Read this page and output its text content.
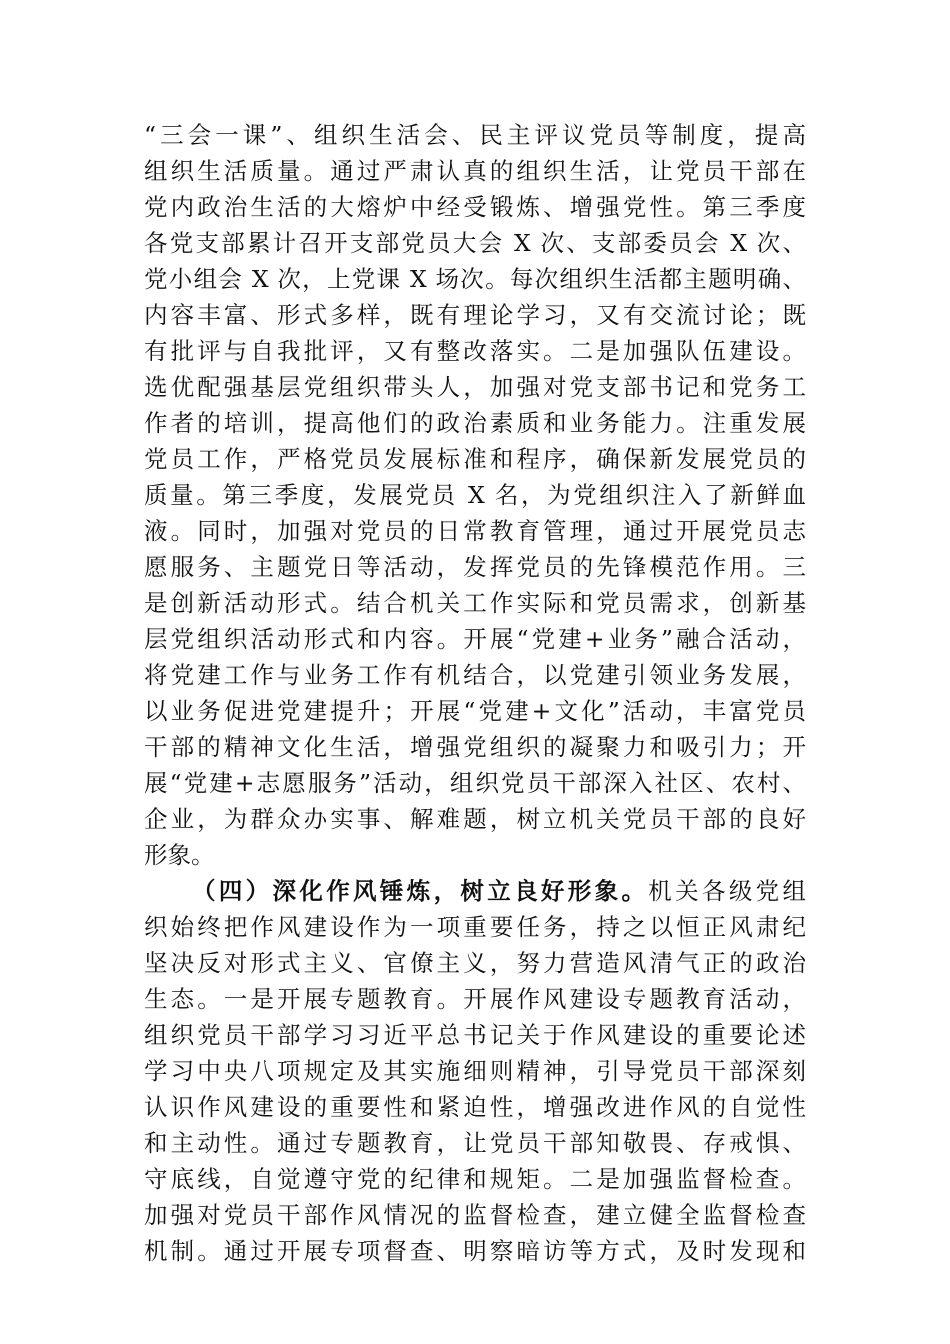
“三会一课”、组织生活会、民主评议党员等制度，提高
组织生活质量。通过严肃认真的组织生活，让党员干部在
党内政治生活的大熔炉中经受锻炼、增强党性。第三季度
各党支部累计召开支部党员大会 X 次、支部委员会 X 次、
党小组会 X 次，上党课 X 场次。每次组织生活都主题明确、
内容丰富、形式多样，既有理论学习，又有交流讨论；既
有批评与自我批评，又有整改落实。二是加强队伍建设。
选优配强基层党组织带头人，加强对党支部书记和党务工
作者的培训，提高他们的政治素质和业务能力。注重发展
党员工作，严格党员发展标准和程序，确保新发展党员的
质量。第三季度，发展党员 X 名，为党组织注入了新鲜血
液。同时，加强对党员的日常教育管理，通过开展党员志
愿服务、主题党日等活动，发挥党员的先锋模范作用。三
是创新活动形式。结合机关工作实际和党员需求，创新基
层党组织活动形式和内容。开展“党建+业务”融合活动，
将党建工作与业务工作有机结合，以党建引领业务发展，
以业务促进党建提升；开展“党建+文化”活动，丰富党员
干部的精神文化生活，增强党组织的凝聚力和吸引力；开
展“党建+志愿服务”活动，组织党员干部深入社区、农村、
企业，为群众办实事、解难题，树立机关党员干部的良好
形象。
（四）深化作风锤炼，树立良好形象。机关各级党组
织始终把作风建设作为一项重要任务，持之以恒正风肃纪
坚决反对形式主义、官僚主义，努力营造风清气正的政治
生态。一是开展专题教育。开展作风建设专题教育活动，
组织党员干部学习习近平总书记关于作风建设的重要论述
学习中央八项规定及其实施细则精神，引导党员干部深刻
认识作风建设的重要性和紧迫性，增强改进作风的自觉性
和主动性。通过专题教育，让党员干部知敬畏、存戒惧、
守底线，自觉遵守党的纪律和规矩。二是加强监督检查。
加强对党员干部作风情况的监督检查，建立健全监督检查
机制。通过开展专项督查、明察暗访等方式，及时发现和
